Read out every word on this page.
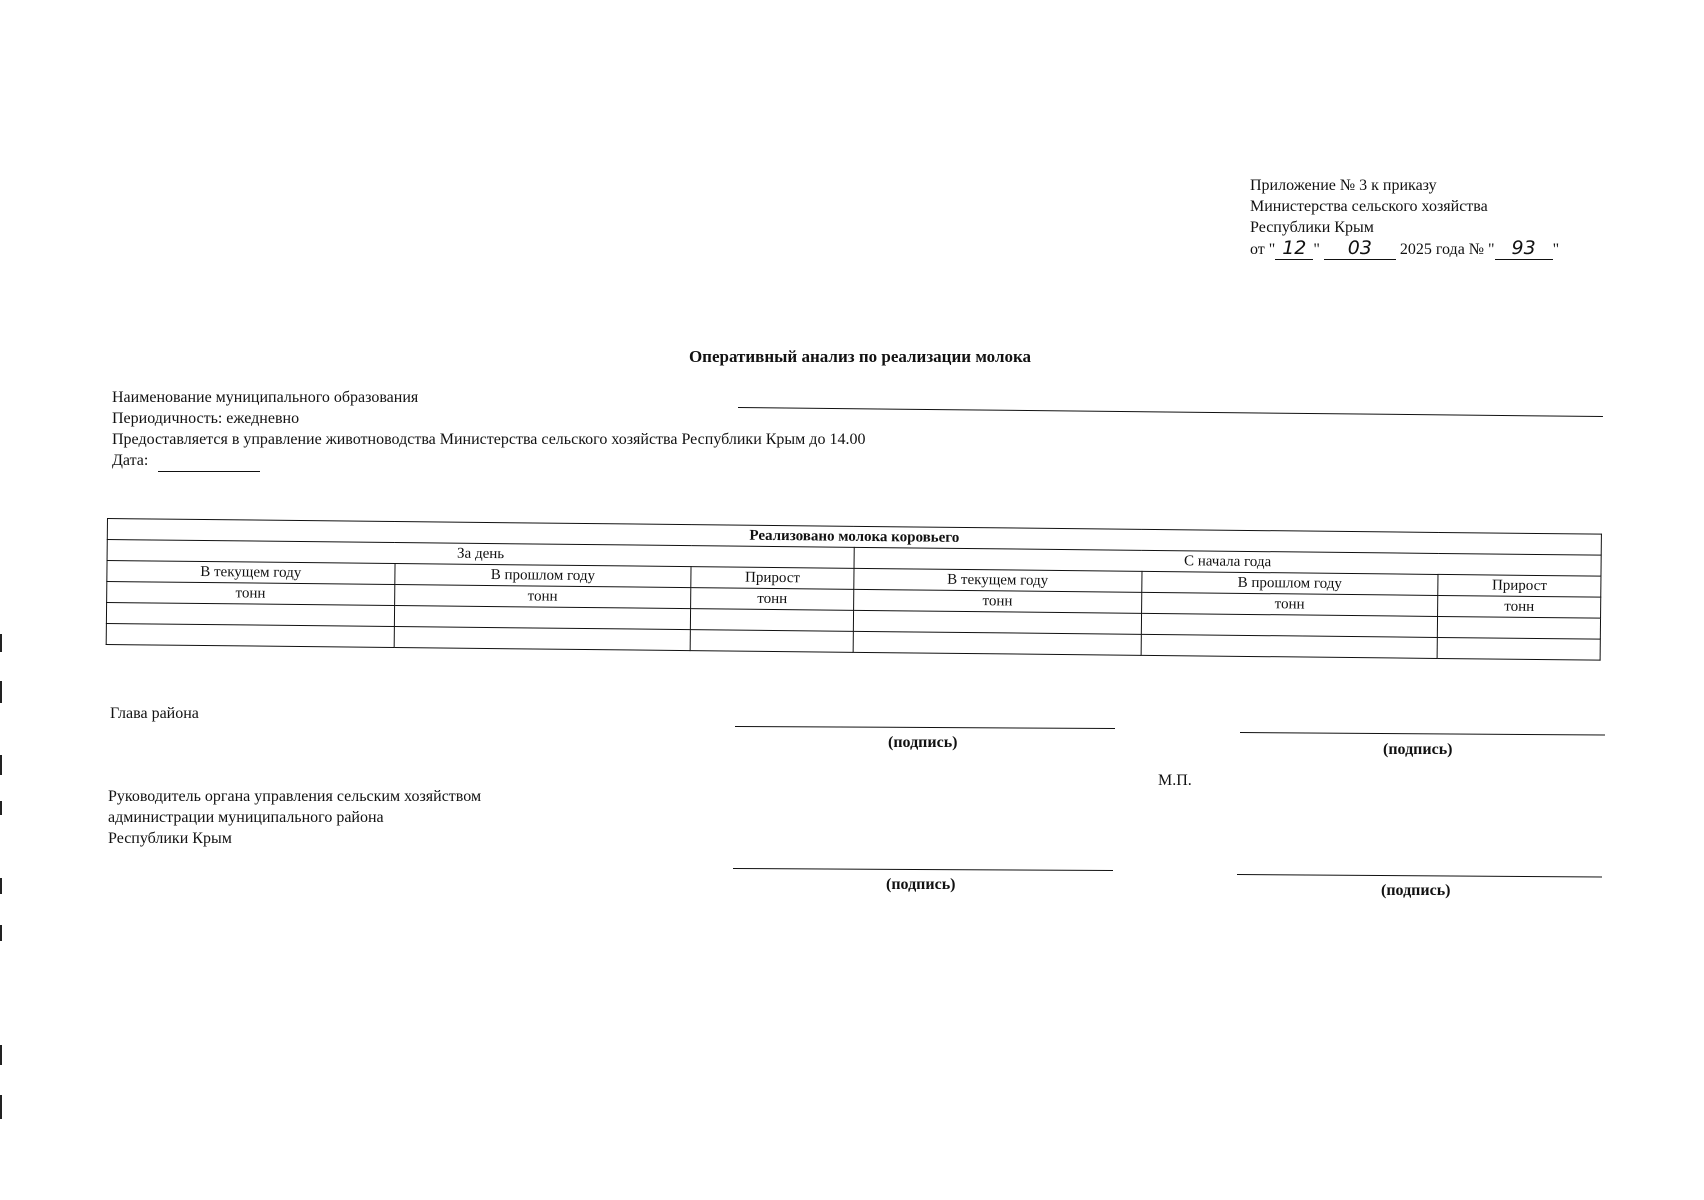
Приложение № 3 к приказу
Министерства сельского хозяйства
Республики Крым
от " 12 " 03 2025 года № " 93 "
Оперативный анализ по реализации молока
Наименование муниципального образования
Периодичность: ежедневно
Предоставляется в управление животноводства Министерства сельского хозяйства Республики Крым до 14.00
Дата:
Реализовано молока коровьего					
За день			С начала года		
В текущем году	В прошлом году	Прирост	В текущем году	В прошлом году	Прирост
тонн	тонн	тонн	тонн	тонн	тонн

Глава района
(подпись)	(подпись)
М.П.
Руководитель органа управления сельским хозяйством
администрации муниципального района
Республики Крым
(подпись)	(подпись)
